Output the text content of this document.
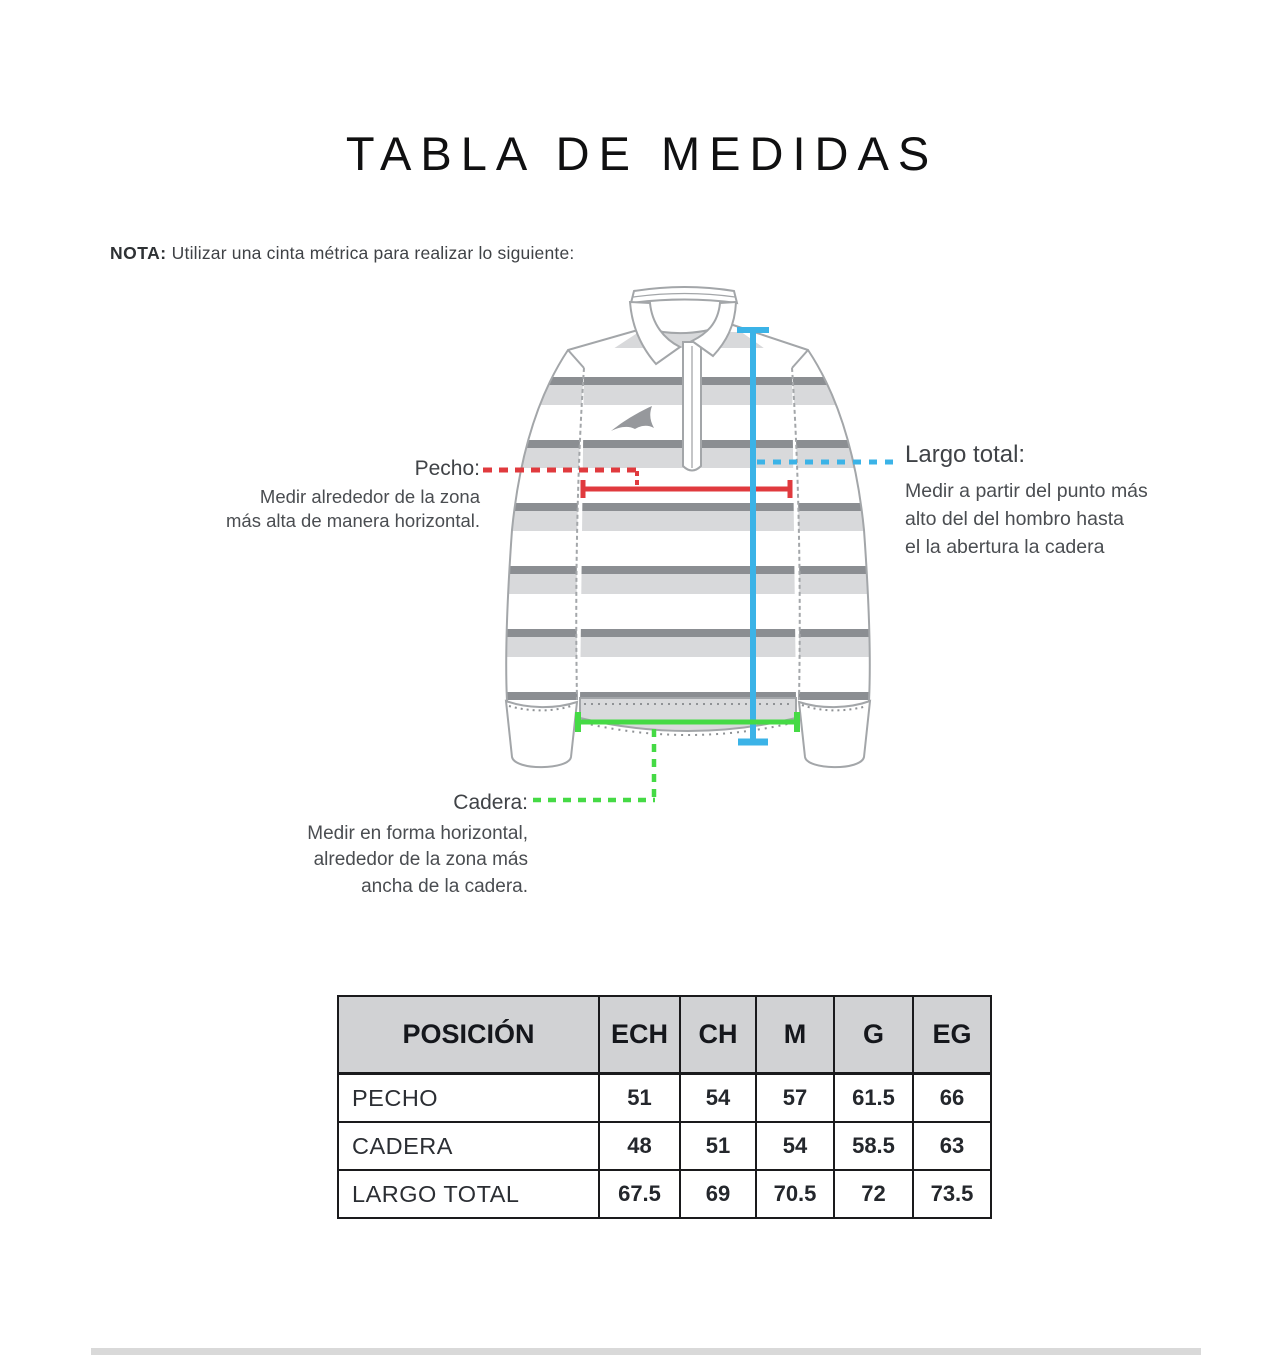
TABLA DE MEDIDAS
NOTA: Utilizar una cinta métrica para realizar lo siguiente:
Pecho:
Medir alrededor de la zona
más alta de manera horizontal.
Largo total:
Medir a partir del punto más
alto del del hombro hasta
el la abertura la cadera
Cadera:
Medir en forma horizontal,
alrededor de la zona más
ancha de la cadera.
POSICIÓN	ECH	CH	M	G	EG
PECHO	51	54	57	61.5	66
CADERA	48	51	54	58.5	63
LARGO TOTAL	67.5	69	70.5	72	73.5
